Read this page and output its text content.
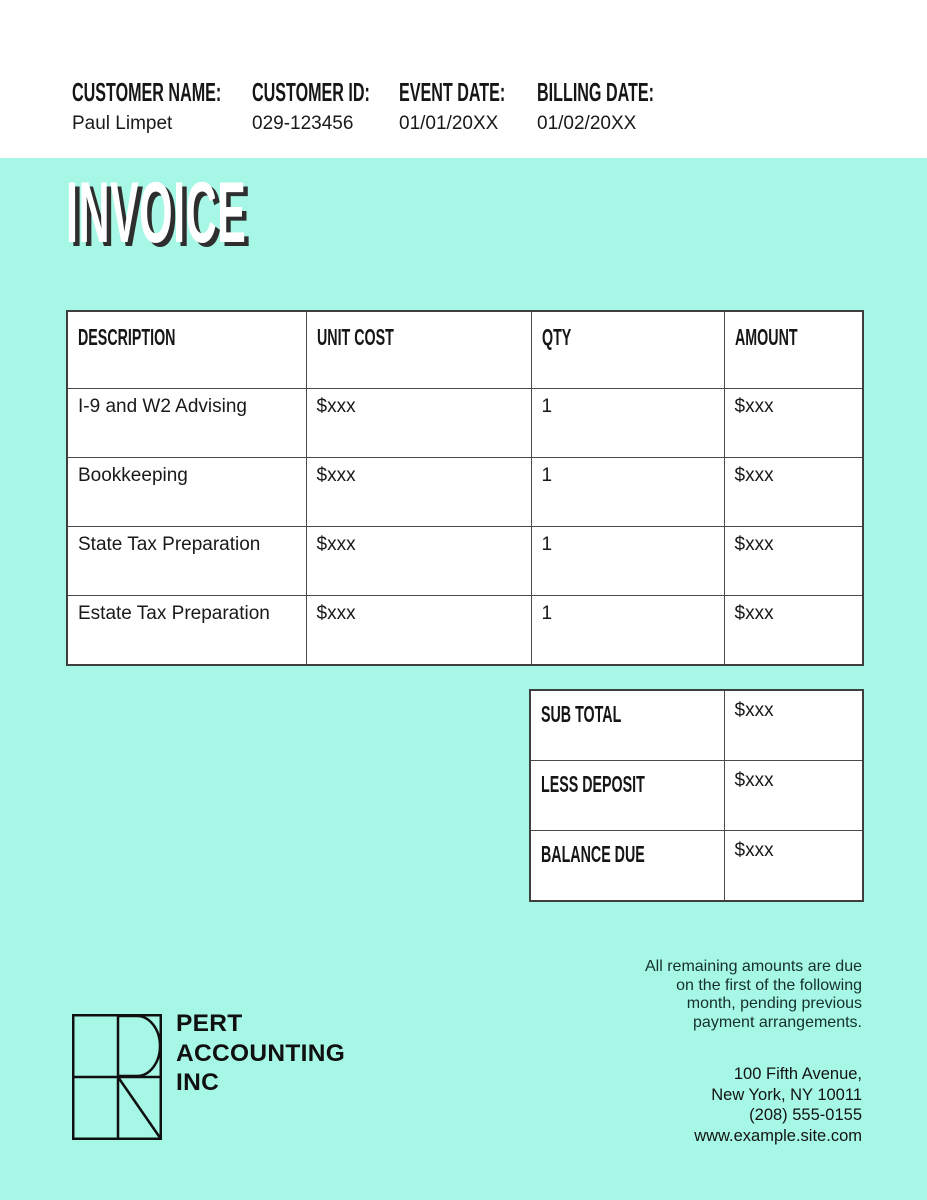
CUSTOMER NAME:
Paul Limpet
CUSTOMER ID:
029-123456
EVENT DATE:
01/01/20XX
BILLING DATE:
01/02/20XX
INVOICE
DESCRIPTION	UNIT COST	QTY	AMOUNT
I-9 and W2 Advising	$xxx	1	$xxx
Bookkeeping	$xxx	1	$xxx
State Tax Preparation	$xxx	1	$xxx
Estate Tax Preparation	$xxx	1	$xxx
SUB TOTAL	$xxx
LESS DEPOSIT	$xxx
BALANCE DUE	$xxx
All remaining amounts are due
on the first of the following
month, pending previous
payment arrangements.
PERT
ACCOUNTING
INC	100 Fifth Avenue,
New York, NY 10011
(208) 555-0155
www.example.site.com
